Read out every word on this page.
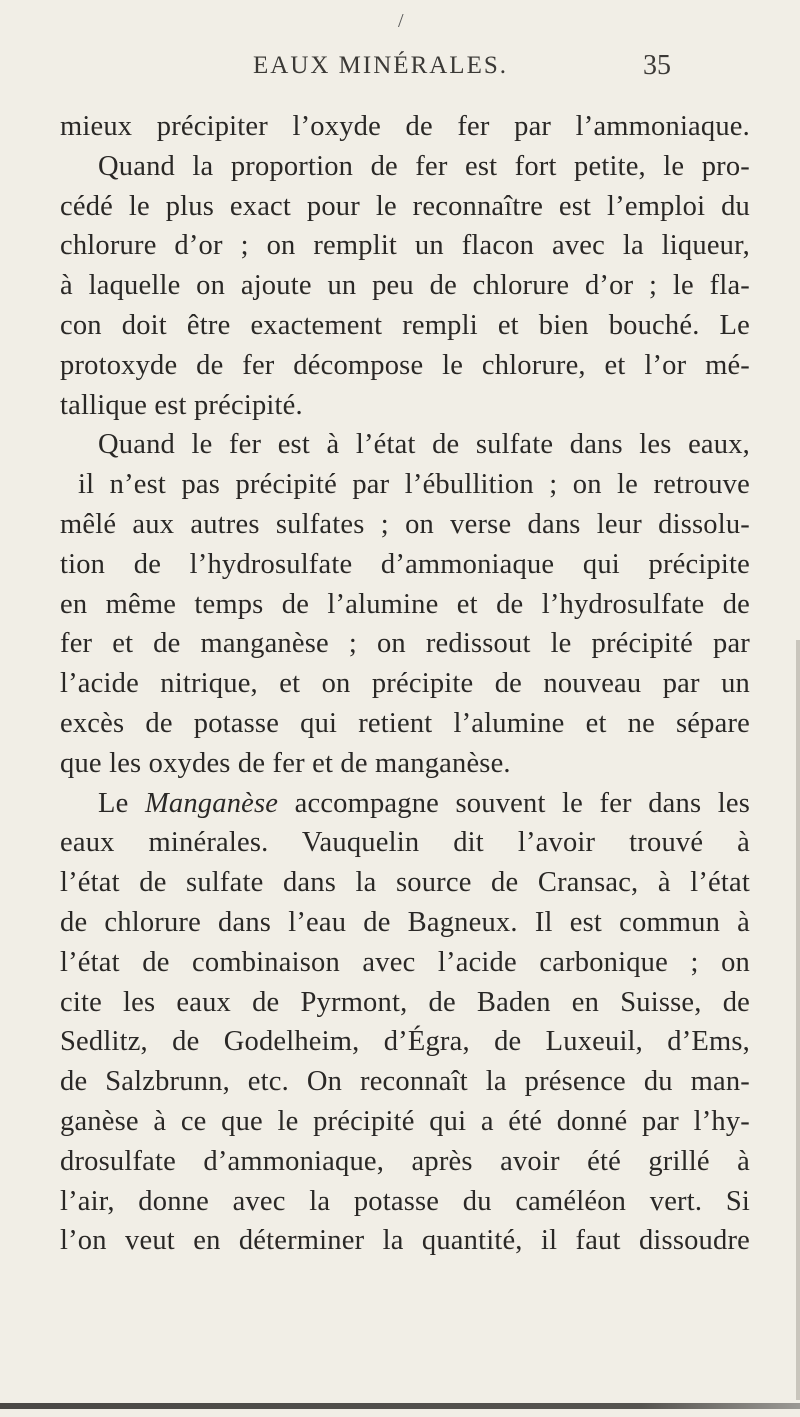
/
EAUX MINÉRALES.	35
mieux précipiter l’oxyde de fer par l’ammoniaque.
Quand la proportion de fer est fort petite, le pro-
cédé le plus exact pour le reconnaître est l’emploi du
chlorure d’or ; on remplit un flacon avec la liqueur,
à laquelle on ajoute un peu de chlorure d’or ; le fla-
con doit être exactement rempli et bien bouché. Le
protoxyde de fer décompose le chlorure, et l’or mé-
tallique est précipité.
Quand le fer est à l’état de sulfate dans les eaux,
il n’est pas précipité par l’ébullition ; on le retrouve
mêlé aux autres sulfates ; on verse dans leur dissolu-
tion de l’hydrosulfate d’ammoniaque qui précipite
en même temps de l’alumine et de l’hydrosulfate de
fer et de manganèse ; on redissout le précipité par
l’acide nitrique, et on précipite de nouveau par un
excès de potasse qui retient l’alumine et ne sépare
que les oxydes de fer et de manganèse.
Le Manganèse accompagne souvent le fer dans les
eaux minérales. Vauquelin dit l’avoir trouvé à
l’état de sulfate dans la source de Cransac, à l’état
de chlorure dans l’eau de Bagneux. Il est commun à
l’état de combinaison avec l’acide carbonique ; on
cite les eaux de Pyrmont, de Baden en Suisse, de
Sedlitz, de Godelheim, d’Égra, de Luxeuil, d’Ems,
de Salzbrunn, etc. On reconnaît la présence du man-
ganèse à ce que le précipité qui a été donné par l’hy-
drosulfate d’ammoniaque, après avoir été grillé à
l’air, donne avec la potasse du caméléon vert. Si
l’on veut en déterminer la quantité, il faut dissoudre
